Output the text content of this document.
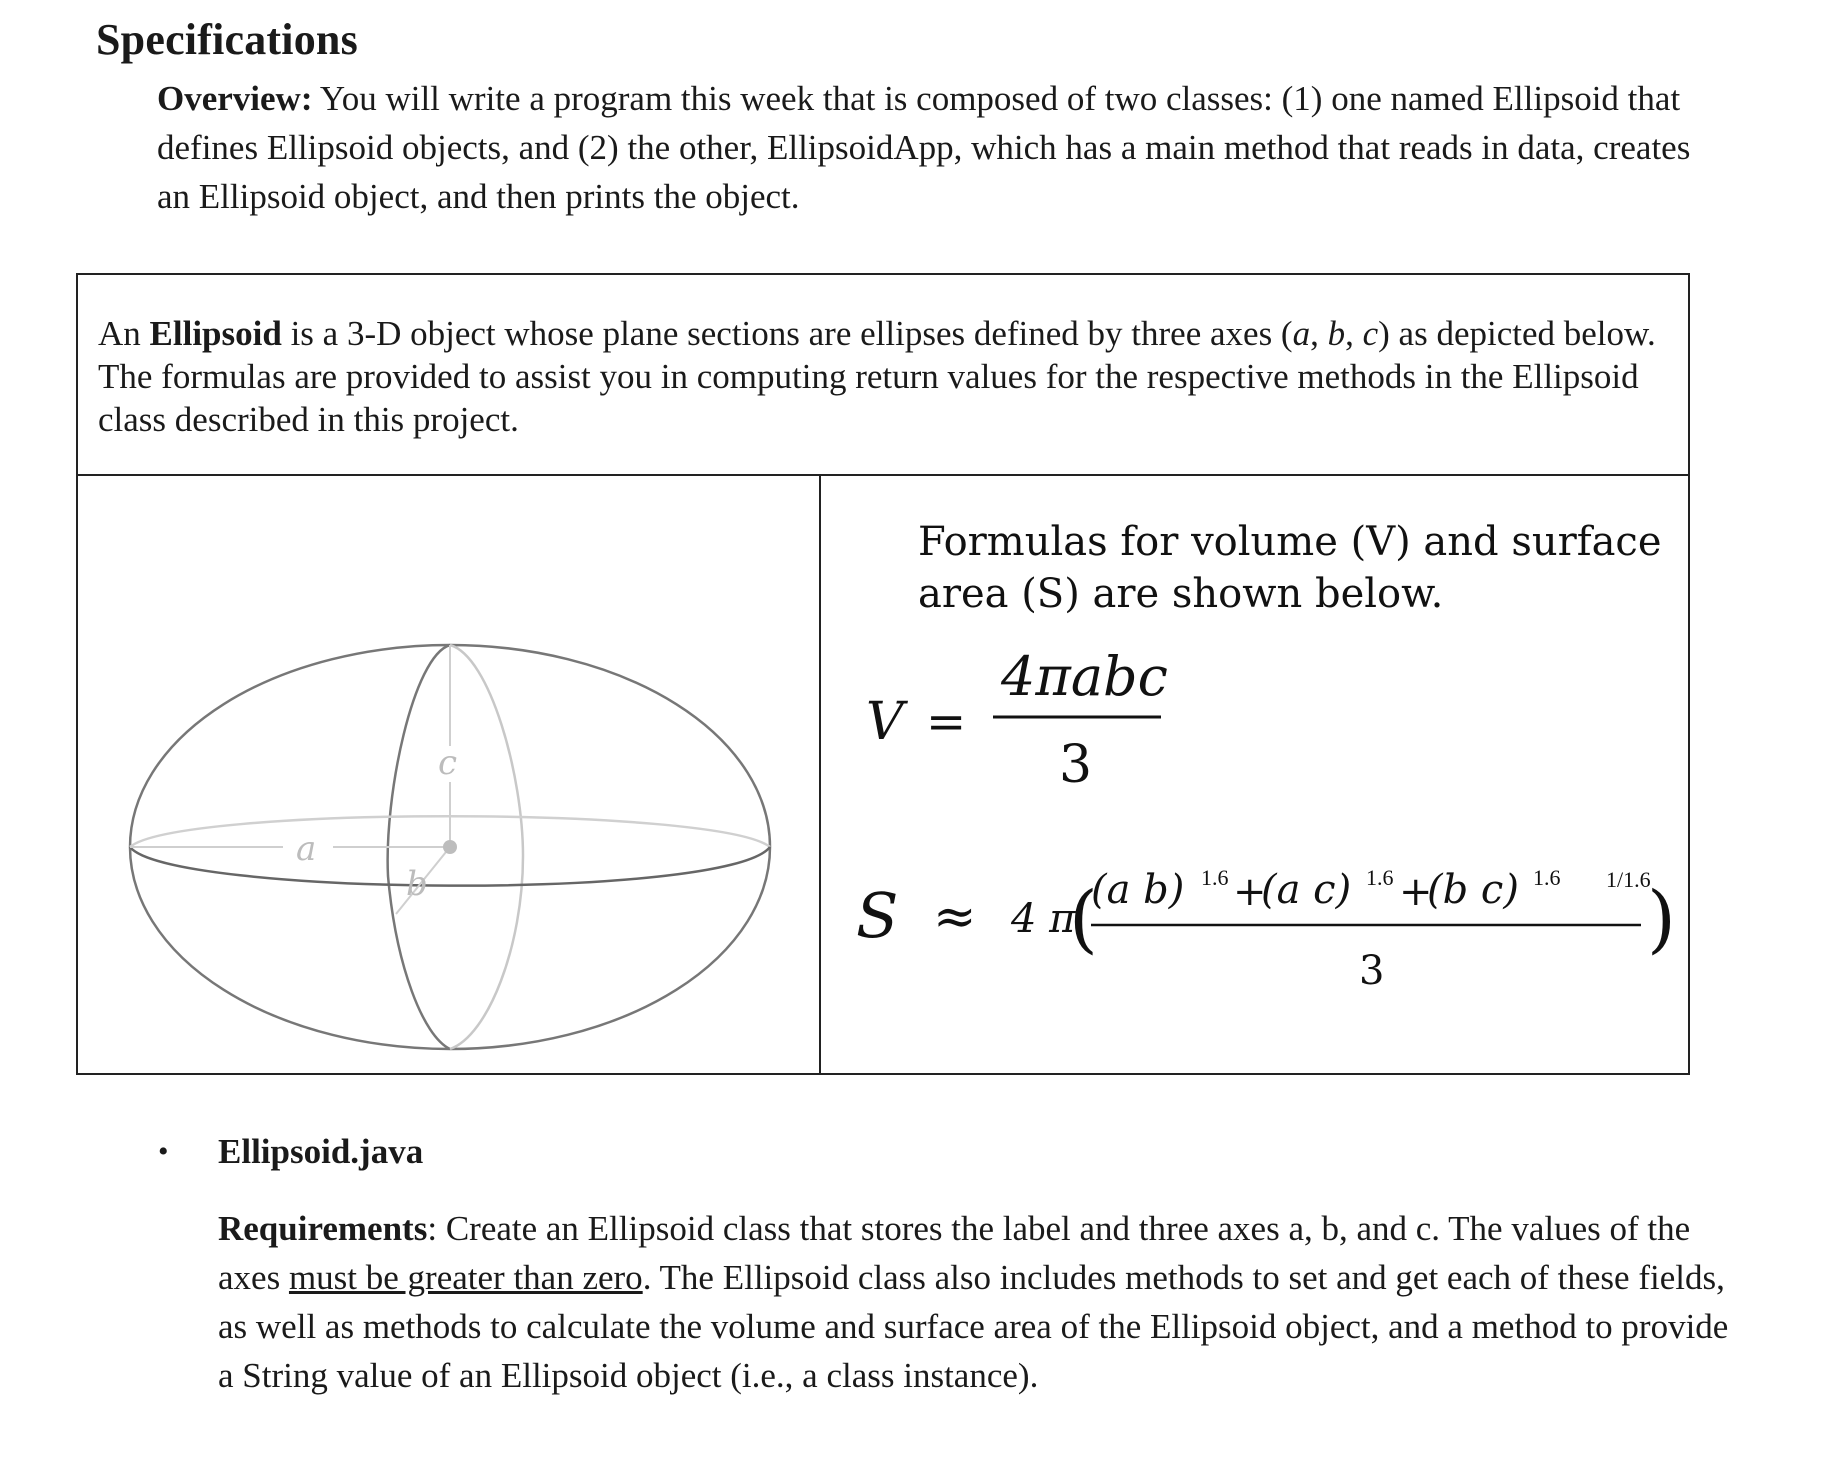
Specifications
Overview: You will write a program this week that is composed of two classes: (1) one named Ellipsoid that defines Ellipsoid objects, and (2) the other, EllipsoidApp, which has a main method that reads in data, creates an Ellipsoid object, and then prints the object.
An Ellipsoid is a 3-D object whose plane sections are ellipses defined by three axes (a, b, c) as depicted below. The formulas are provided to assist you in computing return values for the respective methods in the Ellipsoid class described in this project.
a
b
c
Formulas for volume (V) and surface area (S) are shown below.
V =
4πabc
3
S ≈ 4 π
(
(a b) 1.6 +
(a c) 1.6 +
(b c) 1.6
3
)
1/1.6
• Ellipsoid.java
Requirements: Create an Ellipsoid class that stores the label and three axes a, b, and c. The values of the axes must be greater than zero. The Ellipsoid class also includes methods to set and get each of these fields, as well as methods to calculate the volume and surface area of the Ellipsoid object, and a method to provide a String value of an Ellipsoid object (i.e., a class instance).
